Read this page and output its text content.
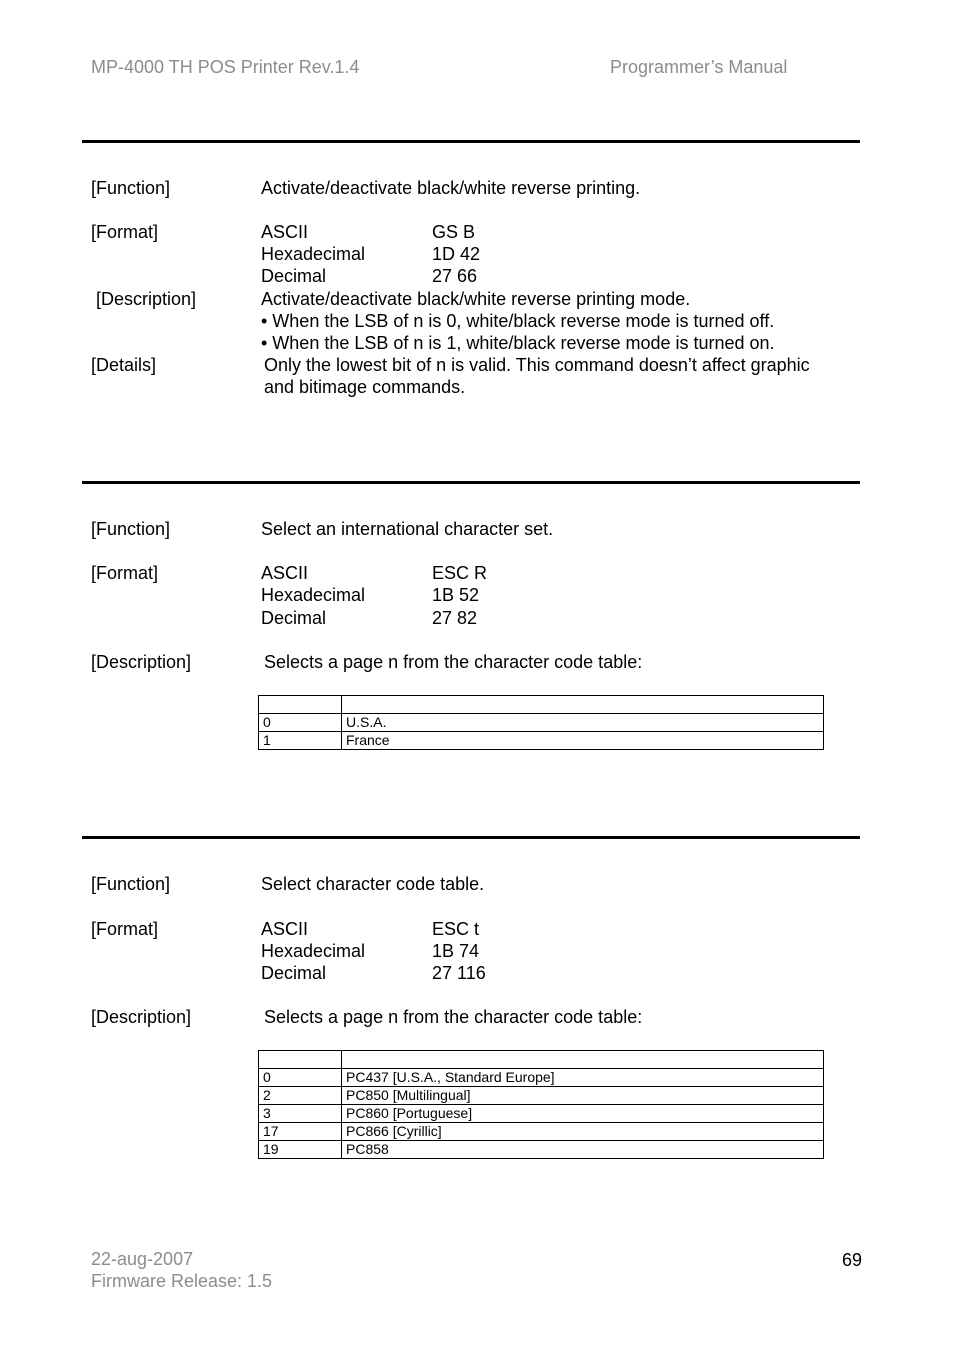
MP-4000 TH POS Printer Rev.1.4	Programmer’s Manual
[Function]	Activate/deactivate black/white reverse printing.
[Format]	ASCII	GS B
Hexadecimal	1D 42
Decimal	27 66
[Description]	Activate/deactivate black/white reverse printing mode.
• When the LSB of n is 0, white/black reverse mode is turned off.
• When the LSB of n is 1, white/black reverse mode is turned on.
[Details]	Only the lowest bit of n is valid. This command doesn’t affect graphic
and bitimage commands.
[Function]	Select an international character set.
[Format]	ASCII	ESC R
Hexadecimal	1B 52
Decimal	27 82
[Description]	Selects a page n from the character code table:

0	U.S.A.
1	France
[Function]	Select character code table.
[Format]	ASCII	ESC t
Hexadecimal	1B 74
Decimal	27 116
[Description]	Selects a page n from the character code table:

0	PC437 [U.S.A., Standard Europe]
2	PC850 [Multilingual]
3	PC860 [Portuguese]
17	PC866 [Cyrillic]
19	PC858
22-aug-2007
Firmware Release: 1.5
69
